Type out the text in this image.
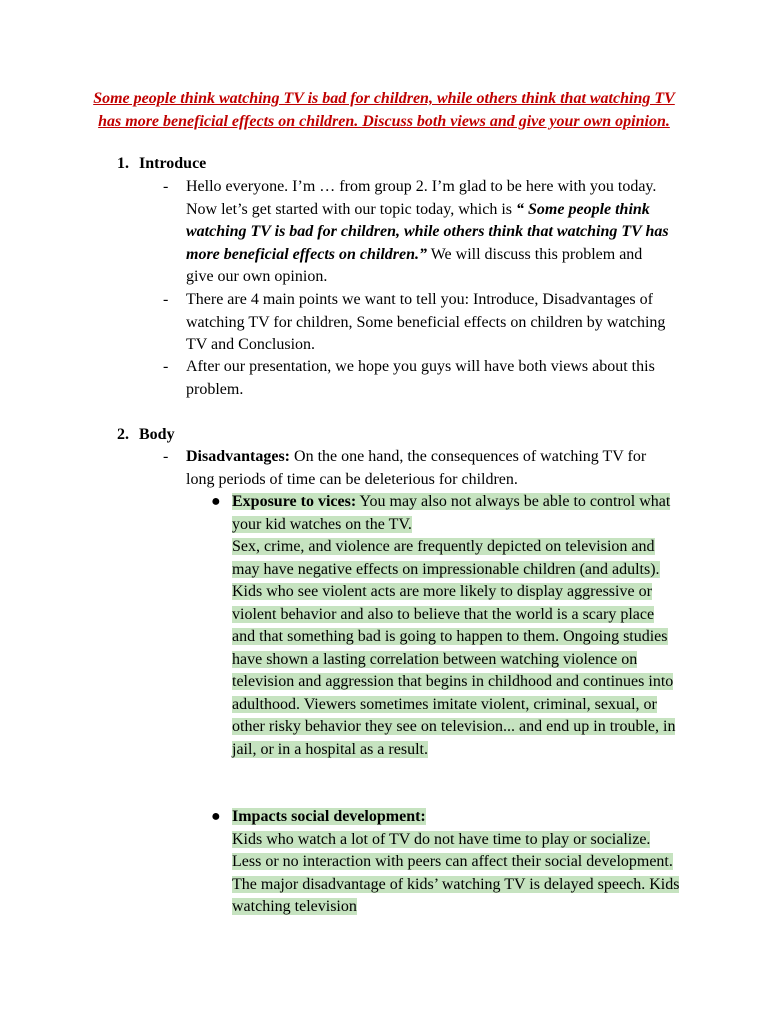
Some people think watching TV is bad for children, while others think that watching TV has more beneficial effects on children. Discuss both views and give your own opinion.
1. Introduce
- Hello everyone. I’m … from group 2. I’m glad to be here with you today. Now let’s get started with our topic today, which is “ Some people think watching TV is bad for children, while others think that watching TV has more beneficial effects on children.” We will discuss this problem and give our own opinion.
- There are 4 main points we want to tell you: Introduce, Disadvantages of watching TV for children, Some beneficial effects on children by watching TV and Conclusion.
- After our presentation, we hope you guys will have both views about this problem.
2. Body
- Disadvantages: On the one hand, the consequences of watching TV for long periods of time can be deleterious for children.
● Exposure to vices: You may also not always be able to control what your kid watches on the TV.
Sex, crime, and violence are frequently depicted on television and may have negative effects on impressionable children (and adults). Kids who see violent acts are more likely to display aggressive or violent behavior and also to believe that the world is a scary place and that something bad is going to happen to them. Ongoing studies have shown a lasting correlation between watching violence on television and aggression that begins in childhood and continues into adulthood. Viewers sometimes imitate violent, criminal, sexual, or other risky behavior they see on television... and end up in trouble, in jail, or in a hospital as a result.
● Impacts social development:
Kids who watch a lot of TV do not have time to play or socialize. Less or no interaction with peers can affect their social development. The major disadvantage of kids’ watching TV is delayed speech. Kids watching television
